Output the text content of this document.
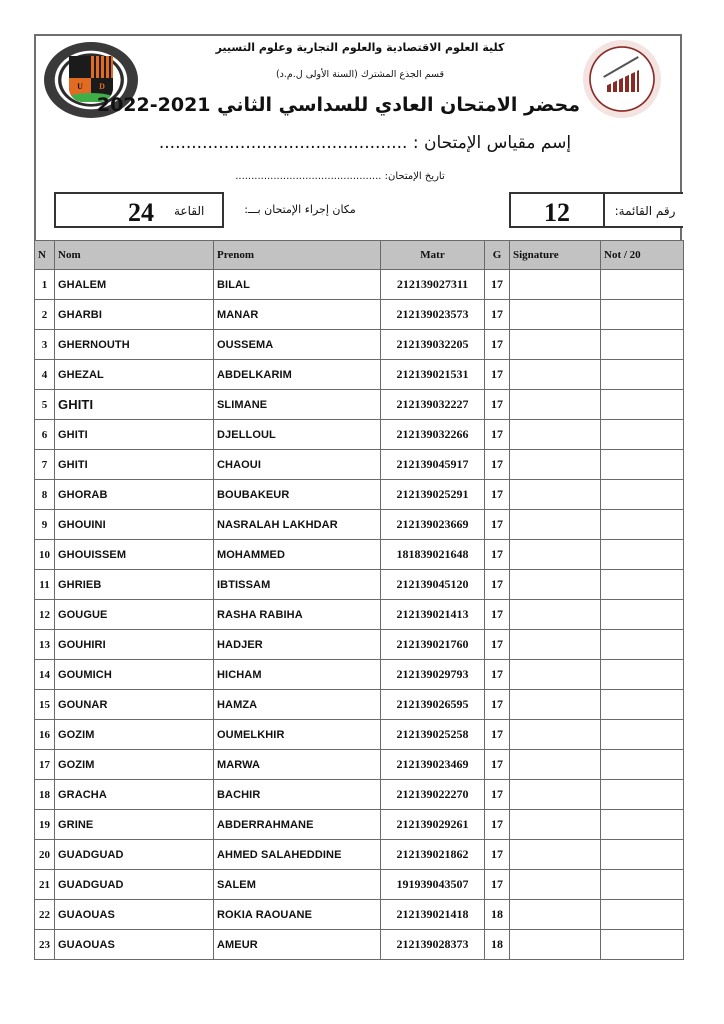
U	D
كلية العلوم الاقتصادية والعلوم التجارية وعلوم التسيير
قسم الجذع المشترك (السنة الأولى ل.م.د)
محضر الامتحان العادي للسداسي الثاني 2021-2022
إسم مقياس الإمتحان : ..............................................
تاريخ الإمتحان: ..............................................
24 القاعة	مكان إجراء الإمتحان بـــ:	12	رقم القائمة:
N	Nom	Prenom	Matr	G	Signature	Not / 20
1	GHALEM	BILAL	212139027311	17		
2	GHARBI	MANAR	212139023573	17		
3	GHERNOUTH	OUSSEMA	212139032205	17		
4	GHEZAL	ABDELKARIM	212139021531	17		
5	GHITI	SLIMANE	212139032227	17		
6	GHITI	DJELLOUL	212139032266	17		
7	GHITI	CHAOUI	212139045917	17		
8	GHORAB	BOUBAKEUR	212139025291	17		
9	GHOUINI	NASRALAH LAKHDAR	212139023669	17		
10	GHOUISSEM	MOHAMMED	181839021648	17		
11	GHRIEB	IBTISSAM	212139045120	17		
12	GOUGUE	RASHA RABIHA	212139021413	17		
13	GOUHIRI	HADJER	212139021760	17		
14	GOUMICH	HICHAM	212139029793	17		
15	GOUNAR	HAMZA	212139026595	17		
16	GOZIM	OUMELKHIR	212139025258	17		
17	GOZIM	MARWA	212139023469	17		
18	GRACHA	BACHIR	212139022270	17		
19	GRINE	ABDERRAHMANE	212139029261	17		
20	GUADGUAD	AHMED SALAHEDDINE	212139021862	17		
21	GUADGUAD	SALEM	191939043507	17		
22	GUAOUAS	ROKIA RAOUANE	212139021418	18		
23	GUAOUAS	AMEUR	212139028373	18		
